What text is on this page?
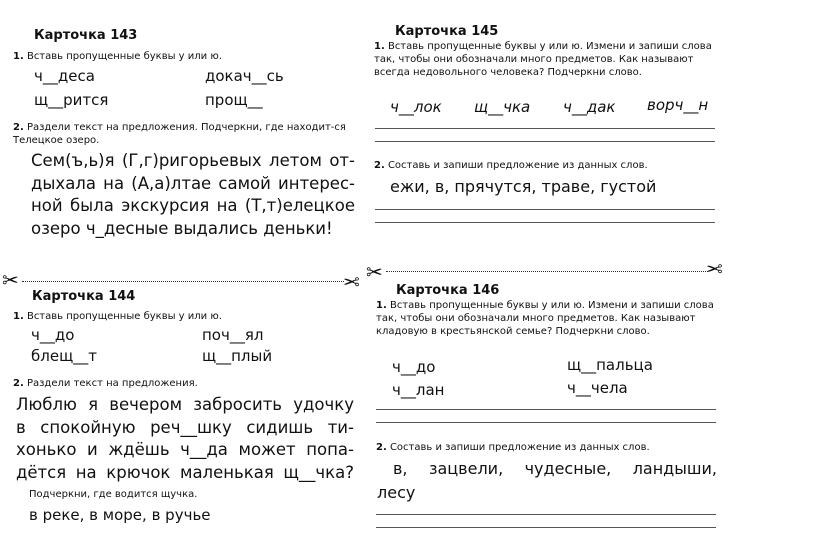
Карточка 143
1. Вставь пропущенные буквы у или ю.
ч__деса	докач__сь
щ__рится	прощ__
2. Раздели текст на предложения. Подчеркни, где находит-ся Телецкое озеро.
Сем(ъ,ь)я (Г,г)ригорьевых летом от-
дыхала на (А,а)лтае самой интерес-
ной была экскурсия на (Т,т)елецкое
озеро ч_десные выдались деньки!
✂	✂
Карточка 144
1. Вставь пропущенные буквы у или ю.
ч__до	поч__ял
блещ__т	щ__плый
2. Раздели текст на предложения.
Люблю я вечером забросить удочку
в спокойную реч__шку сидишь ти-
хонько и ждёшь ч__да может попа-
дётся на крючок маленькая щ__чка?
Подчеркни, где водится щучка.
в реке, в море, в ручье
Карточка 145
1. Вставь пропущенные буквы у или ю. Измени и запиши слова так, чтобы они обозначали много предметов. Как называют всегда недовольного человека? Подчеркни слово.
ч__лок щ__чка ч__дак ворч__н
2. Составь и запиши предложение из данных слов.
ежи, в, прячутся, траве, густой
✂	✂
Карточка 146
1. Вставь пропущенные буквы у или ю. Измени и запиши слова так, чтобы они обозначали много предметов. Как называют кладовую в крестьянской семье? Подчеркни слово.
ч__до	щ__пальца
ч__лан	ч__чела
2. Составь и запиши предложение из данных слов.
в, зацвели, чудесные, ландыши,
лесу
